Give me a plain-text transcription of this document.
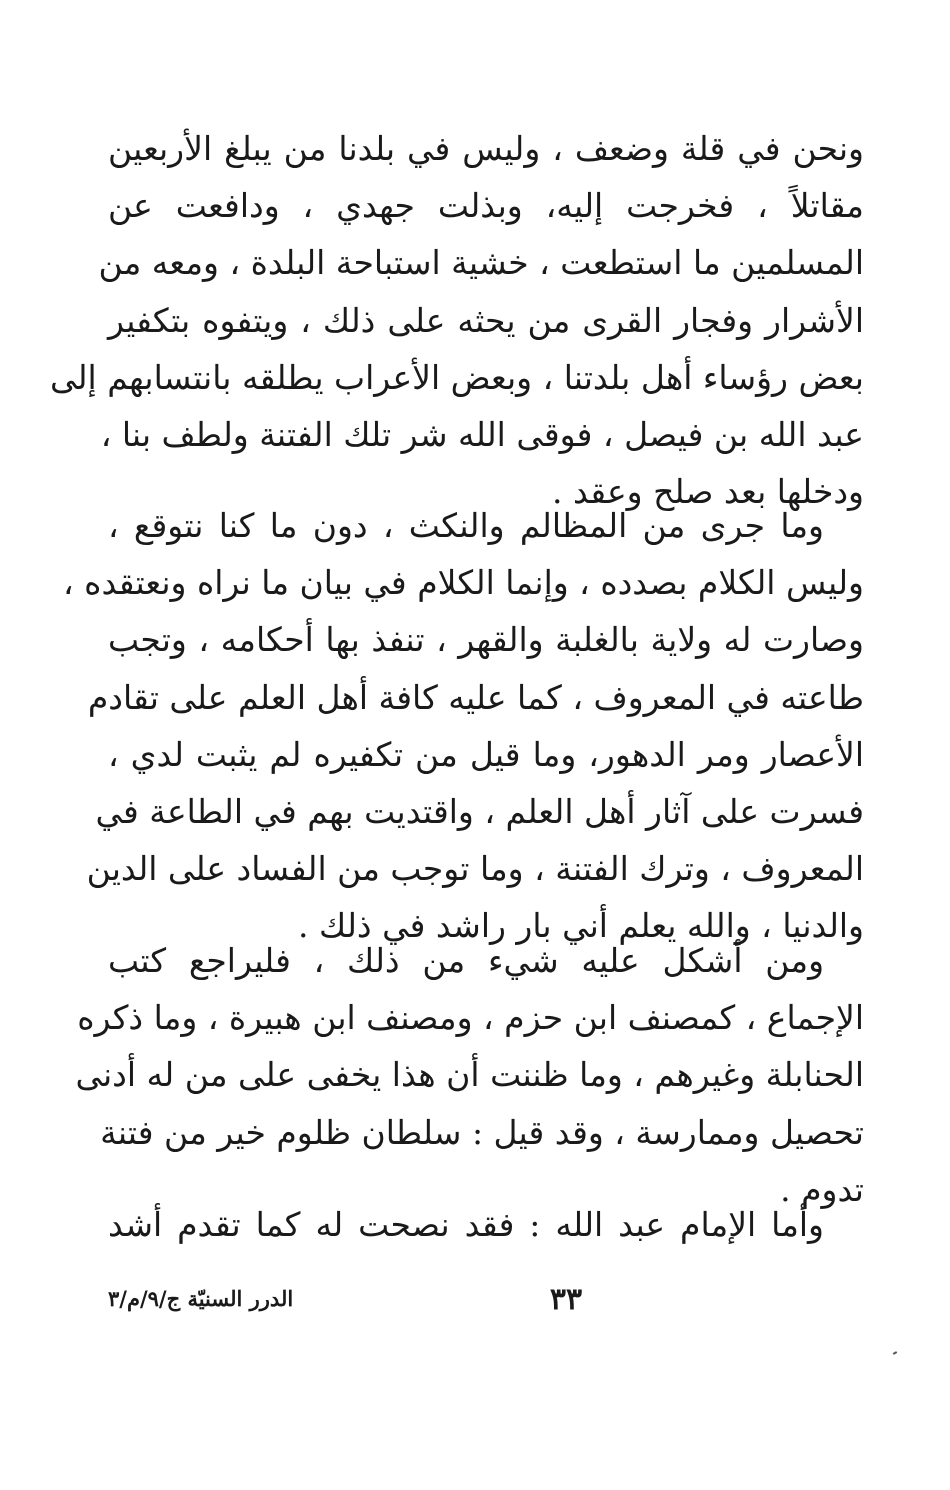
ونحن في قلة وضعف ، وليس في بلدنا من يبلغ الأربعين
مقاتلاً ، فخرجت إليه، وبذلت جهدي ، ودافعت عن
المسلمين ما استطعت ، خشية استباحة البلدة ، ومعه من
الأشرار وفجار القرى من يحثه على ذلك ، ويتفوه بتكفير
بعض رؤساء أهل بلدتنا ، وبعض الأعراب يطلقه بانتسابهم إلى
عبد الله بن فيصل ، فوقى الله شر تلك الفتنة ولطف بنا ،
ودخلها بعد صلح وعقد .
وما جرى من المظالم والنكث ، دون ما كنا نتوقع ،
وليس الكلام بصدده ، وإنما الكلام في بيان ما نراه ونعتقده ،
وصارت له ولاية بالغلبة والقهر ، تنفذ بها أحكامه ، وتجب
طاعته في المعروف ، كما عليه كافة أهل العلم على تقادم
الأعصار ومر الدهور، وما قيل من تكفيره لم يثبت لدي ،
فسرت على آثار أهل العلم ، واقتديت بهم في الطاعة في
المعروف ، وترك الفتنة ، وما توجب من الفساد على الدين
والدنيا ، والله يعلم أني بار راشد في ذلك .
ومن أشكل عليه شيء من ذلك ، فليراجع كتب
الإجماع ، كمصنف ابن حزم ، ومصنف ابن هبيرة ، وما ذكره
الحنابلة وغيرهم ، وما ظننت أن هذا يخفى على من له أدنى
تحصيل وممارسة ، وقد قيل : سلطان ظلوم خير من فتنة
تدوم .
وأما الإمام عبد الله : فقد نصحت له كما تقدم أشد
٣٣
الدرر السنيّة ج/٩/م/٣
